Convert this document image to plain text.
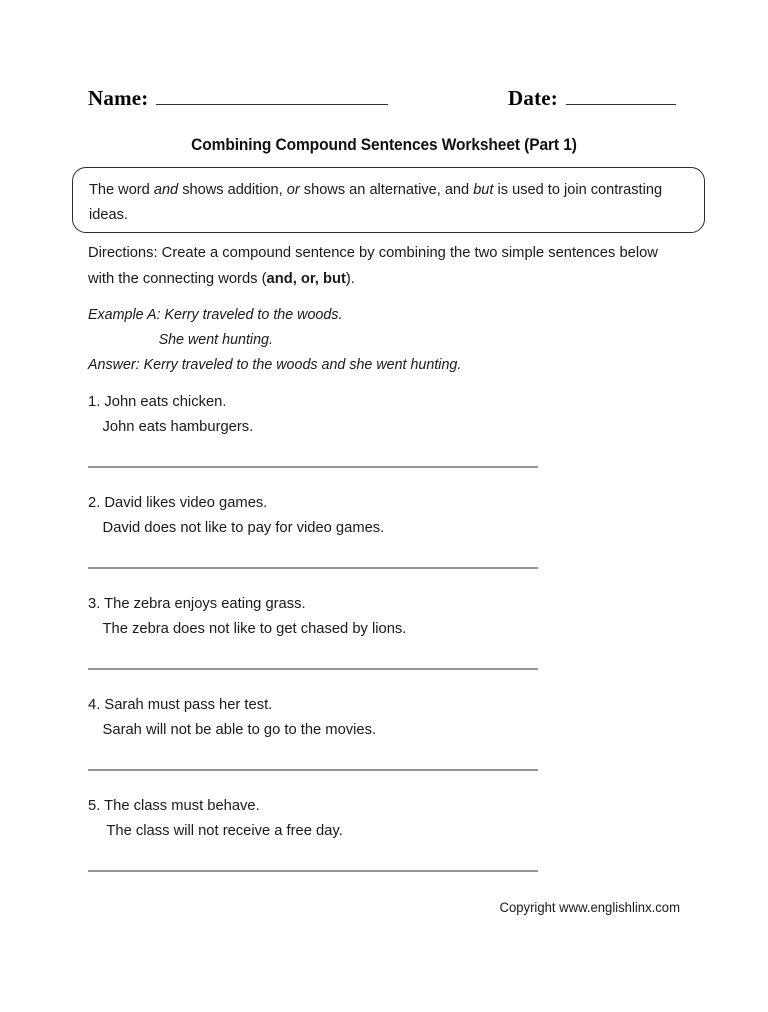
Name:	Date:
Combining Compound Sentences Worksheet (Part 1)
The word and shows addition, or shows an alternative, and but is used to join contrasting ideas.
Directions: Create a compound sentence by combining the two simple sentences below with the connecting words (and, or, but).
Example A: Kerry traveled to the woods.
She went hunting.
Answer: Kerry traveled to the woods and she went hunting.
1. John eats chicken.
John eats hamburgers.
——————————————————————————————
2. David likes video games.
David does not like to pay for video games.
——————————————————————————————
3. The zebra enjoys eating grass.
The zebra does not like to get chased by lions.
——————————————————————————————
4. Sarah must pass her test.
Sarah will not be able to go to the movies.
——————————————————————————————
5. The class must behave.
The class will not receive a free day.
——————————————————————————————
Copyright www.englishlinx.com
